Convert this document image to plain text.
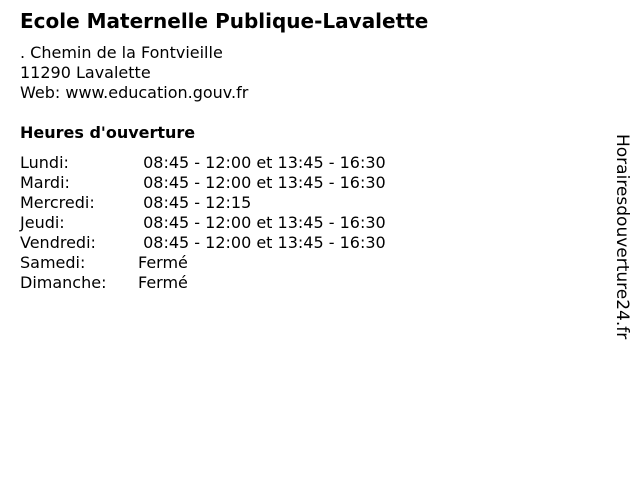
Ecole Maternelle Publique-Lavalette
. Chemin de la Fontvieille
11290 Lavalette
Web: www.education.gouv.fr
Heures d'ouverture
Lundi:	08:45 - 12:00 et 13:45 - 16:30
Mardi:	08:45 - 12:00 et 13:45 - 16:30
Mercredi:	08:45 - 12:15
Jeudi:	08:45 - 12:00 et 13:45 - 16:30
Vendredi:	08:45 - 12:00 et 13:45 - 16:30
Samedi:	Fermé
Dimanche:	Fermé	Horairesdouverture24.fr
